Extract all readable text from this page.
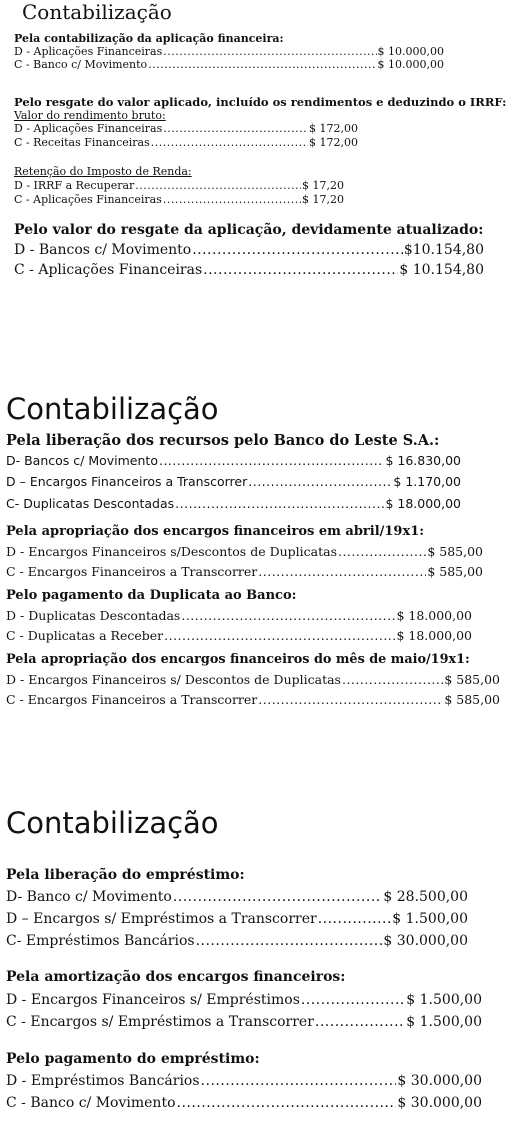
Contabilização
Pela contabilização da aplicação financeira:
D - Aplicações Financeiras .....	$ 10.000,00
C - Banco c/ Movimento .....	$ 10.000,00
Pelo resgate do valor aplicado, incluído os rendimentos e deduzindo o IRRF:
Valor do rendimento bruto:
D - Aplicações Financeiras .....	$ 172,00
C - Receitas Financeiras .....	$ 172,00
Retenção do Imposto de Renda:
D - IRRF a Recuperar .....	$ 17,20
C - Aplicações Financeiras .....	$ 17,20
Pelo valor do resgate da aplicação, devidamente atualizado:
D - Bancos c/ Movimento .....	$10.154,80
C - Aplicações Financeiras .....	$ 10.154,80
Contabilização
Pela liberação dos recursos pelo Banco do Leste S.A.:
D- Bancos c/ Movimento .....	$ 16.830,00
D – Encargos Financeiros a Transcorrer .....	$ 1.170,00
C- Duplicatas Descontadas .....	$ 18.000,00
Pela apropriação dos encargos financeiros em abril/19x1:
D - Encargos Financeiros s/Descontos de Duplicatas .....	$ 585,00
C - Encargos Financeiros a Transcorrer .....	$ 585,00
Pelo pagamento da Duplicata ao Banco:
D - Duplicatas Descontadas .....	$ 18.000,00
C - Duplicatas a Receber .....	$ 18.000,00
Pela apropriação dos encargos financeiros do mês de maio/19x1:
D - Encargos Financeiros s/ Descontos de Duplicatas .....	$ 585,00
C - Encargos Financeiros a Transcorrer .....	$ 585,00
Contabilização
Pela liberação do empréstimo:
D- Banco c/ Movimento .....	$ 28.500,00
D – Encargos s/ Empréstimos a Transcorrer .....	$ 1.500,00
C- Empréstimos Bancários .....	$ 30.000,00
Pela amortização dos encargos financeiros:
D - Encargos Financeiros s/ Empréstimos .....	$ 1.500,00
C - Encargos s/ Empréstimos a Transcorrer .....	$ 1.500,00
Pelo pagamento do empréstimo:
D - Empréstimos Bancários .....	$ 30.000,00
C - Banco c/ Movimento .....	$ 30.000,00
